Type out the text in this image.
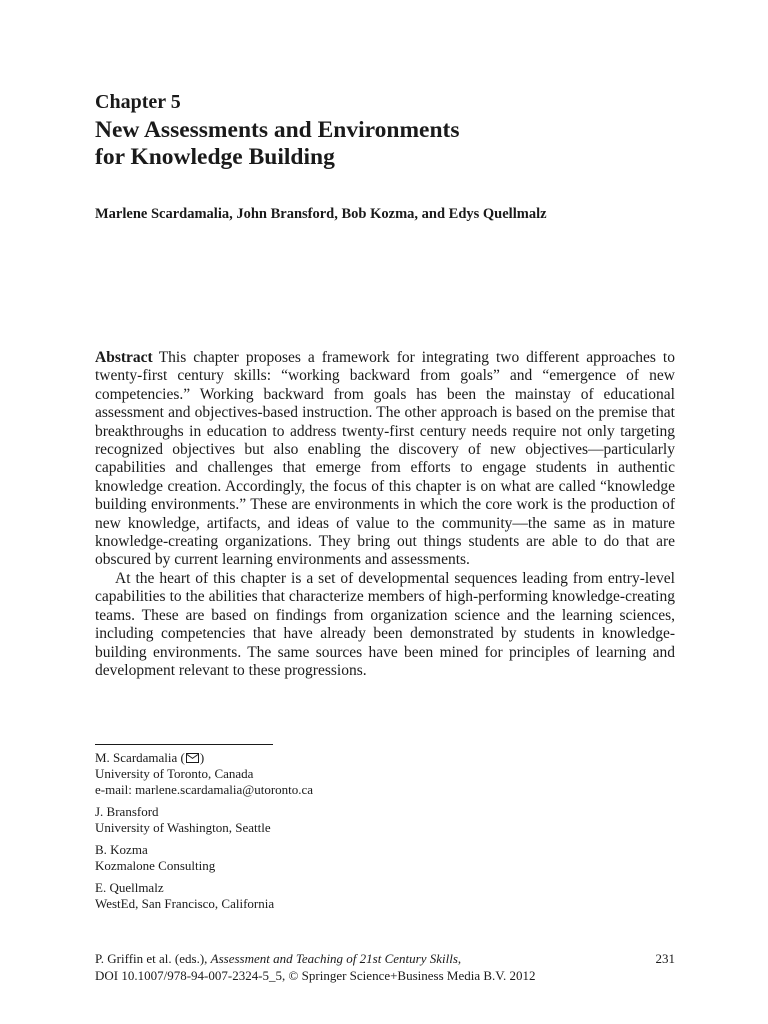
Chapter 5
New Assessments and Environments
for Knowledge Building
Marlene Scardamalia, John Bransford, Bob Kozma, and Edys Quellmalz

Abstract This chapter proposes a framework for integrating two different approaches to twenty-first century skills: “working backward from goals” and “emergence of new competencies.” Working backward from goals has been the mainstay of educational assessment and objectives-based instruction. The other approach is based on the premise that breakthroughs in education to address twenty-first century needs require not only targeting recognized objectives but also enabling the discovery of new objectives—particularly capabilities and challenges that emerge from efforts to engage students in authentic knowledge creation. Accordingly, the focus of this chapter is on what are called “knowledge building environments.” These are environments in which the core work is the production of new knowledge, artifacts, and ideas of value to the community—the same as in mature knowledge-creating organizations. They bring out things students are able to do that are obscured by current learning environments and assessments.

At the heart of this chapter is a set of developmental sequences leading from entry-level capabilities to the abilities that characterize members of high-performing knowledge-creating teams. These are based on findings from organization science and the learning sciences, including competencies that have already been demonstrated by students in knowledge-building environments. The same sources have been mined for principles of learning and development relevant to these progressions.

M. Scardamalia ( )
University of Toronto, Canada
e-mail: marlene.scardamalia@utoronto.ca
J. Bransford
University of Washington, Seattle
B. Kozma
Kozmalone Consulting
E. Quellmalz
WestEd, San Francisco, California
P. Griffin et al. (eds.), Assessment and Teaching of 21st Century Skills,	231
DOI 10.1007/978-94-007-2324-5_5, © Springer Science+Business Media B.V. 2012
